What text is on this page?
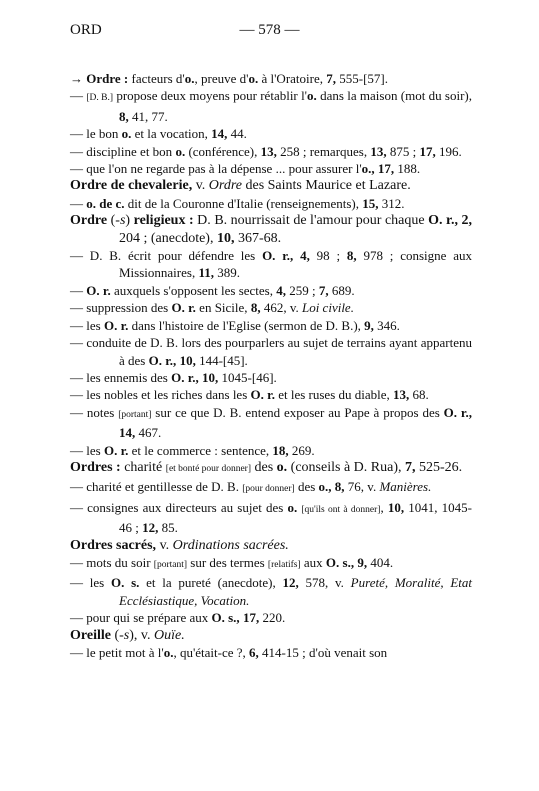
ORD	— 578 —
→ Ordre : facteurs d'o., preuve d'o. à l'Oratoire, 7, 555-[57].
— [D. B.] propose deux moyens pour rétablir l'o. dans la maison (mot du soir), 8, 41, 77.
— le bon o. et la vocation, 14, 44.
— discipline et bon o. (conférence), 13, 258 ; remarques, 13, 875 ; 17, 196.
— que l'on ne regarde pas à la dépense ... pour assurer l'o., 17, 188.
Ordre de chevalerie, v. Ordre des Saints Maurice et Lazare.
— o. de c. dit de la Couronne d'Italie (renseignements), 15, 312.
Ordre (-s) religieux : D. B. nourrissait de l'amour pour chaque O. r., 2, 204 ; (anecdote), 10, 367-68.
— D. B. écrit pour défendre les O. r., 4, 98 ; 8, 978 ; consigne aux Missionnaires, 11, 389.
— O. r. auxquels s'opposent les sectes, 4, 259 ; 7, 689.
— suppression des O. r. en Sicile, 8, 462, v. Loi civile.
— les O. r. dans l'histoire de l'Eglise (sermon de D. B.), 9, 346.
— conduite de D. B. lors des pourparlers au sujet de terrains ayant appartenu à des O. r., 10, 144-[45].
— les ennemis des O. r., 10, 1045-[46].
— les nobles et les riches dans les O. r. et les ruses du diable, 13, 68.
— notes [portant] sur ce que D. B. entend exposer au Pape à propos des O. r., 14, 467.
— les O. r. et le commerce : sentence, 18, 269.
Ordres : charité [et bonté pour donner] des o. (conseils à D. Rua), 7, 525-26.
— charité et gentillesse de D. B. [pour donner] des o., 8, 76, v. Manières.
— consignes aux directeurs au sujet des o. [qu'ils ont à donner], 10, 1041, 1045-46 ; 12, 85.
Ordres sacrés, v. Ordinations sacrées.
— mots du soir [portant] sur des termes [relatifs] aux O. s., 9, 404.
— les O. s. et la pureté (anecdote), 12, 578, v. Pureté, Moralité, Etat Ecclésiastique, Vocation.
— pour qui se prépare aux O. s., 17, 220.
Oreille (-s), v. Ouïe.
— le petit mot à l'o., qu'était-ce ?, 6, 414-15 ; d'où venait son
